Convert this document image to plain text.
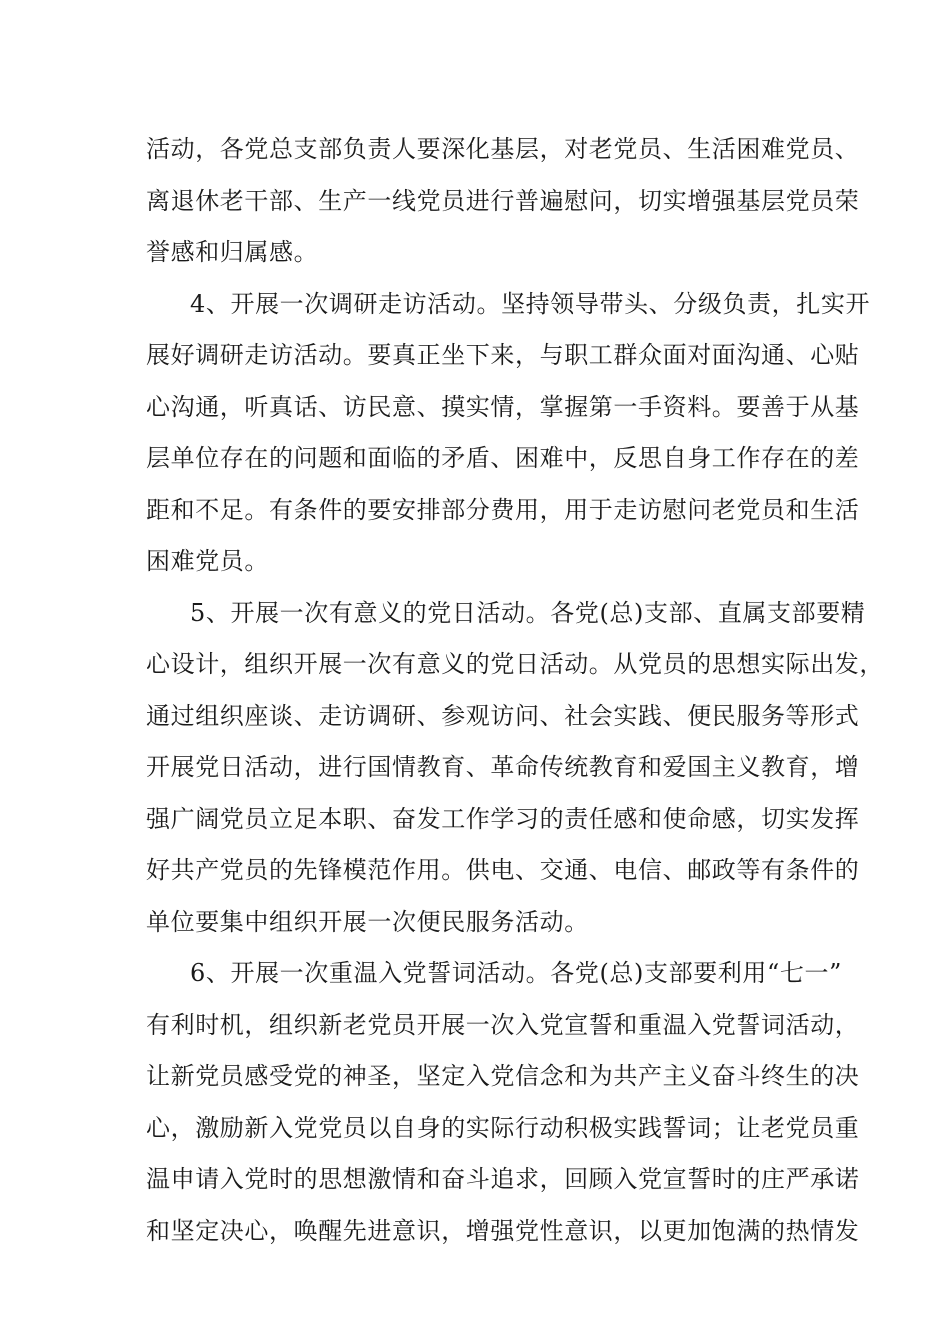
活动，各党总支部负责人要深化基层，对老党员、生活困难党员、
离退休老干部、生产一线党员进行普遍慰问，切实增强基层党员荣
誉感和归属感。
4、开展一次调研走访活动。坚持领导带头、分级负责，扎实开
展好调研走访活动。要真正坐下来，与职工群众面对面沟通、心贴
心沟通，听真话、访民意、摸实情，掌握第一手资料。要善于从基
层单位存在的问题和面临的矛盾、困难中，反思自身工作存在的差
距和不足。有条件的要安排部分费用，用于走访慰问老党员和生活
困难党员。
5、开展一次有意义的党日活动。各党(总)支部、直属支部要精
心设计，组织开展一次有意义的党日活动。从党员的思想实际出发，
通过组织座谈、走访调研、参观访问、社会实践、便民服务等形式
开展党日活动，进行国情教育、革命传统教育和爱国主义教育，增
强广阔党员立足本职、奋发工作学习的责任感和使命感，切实发挥
好共产党员的先锋模范作用。供电、交通、电信、邮政等有条件的
单位要集中组织开展一次便民服务活动。
6、开展一次重温入党誓词活动。各党(总)支部要利用“七一”
有利时机，组织新老党员开展一次入党宣誓和重温入党誓词活动，
让新党员感受党的神圣，坚定入党信念和为共产主义奋斗终生的决
心，激励新入党党员以自身的实际行动积极实践誓词；让老党员重
温申请入党时的思想激情和奋斗追求，回顾入党宣誓时的庄严承诺
和坚定决心，唤醒先进意识，增强党性意识，以更加饱满的热情发
